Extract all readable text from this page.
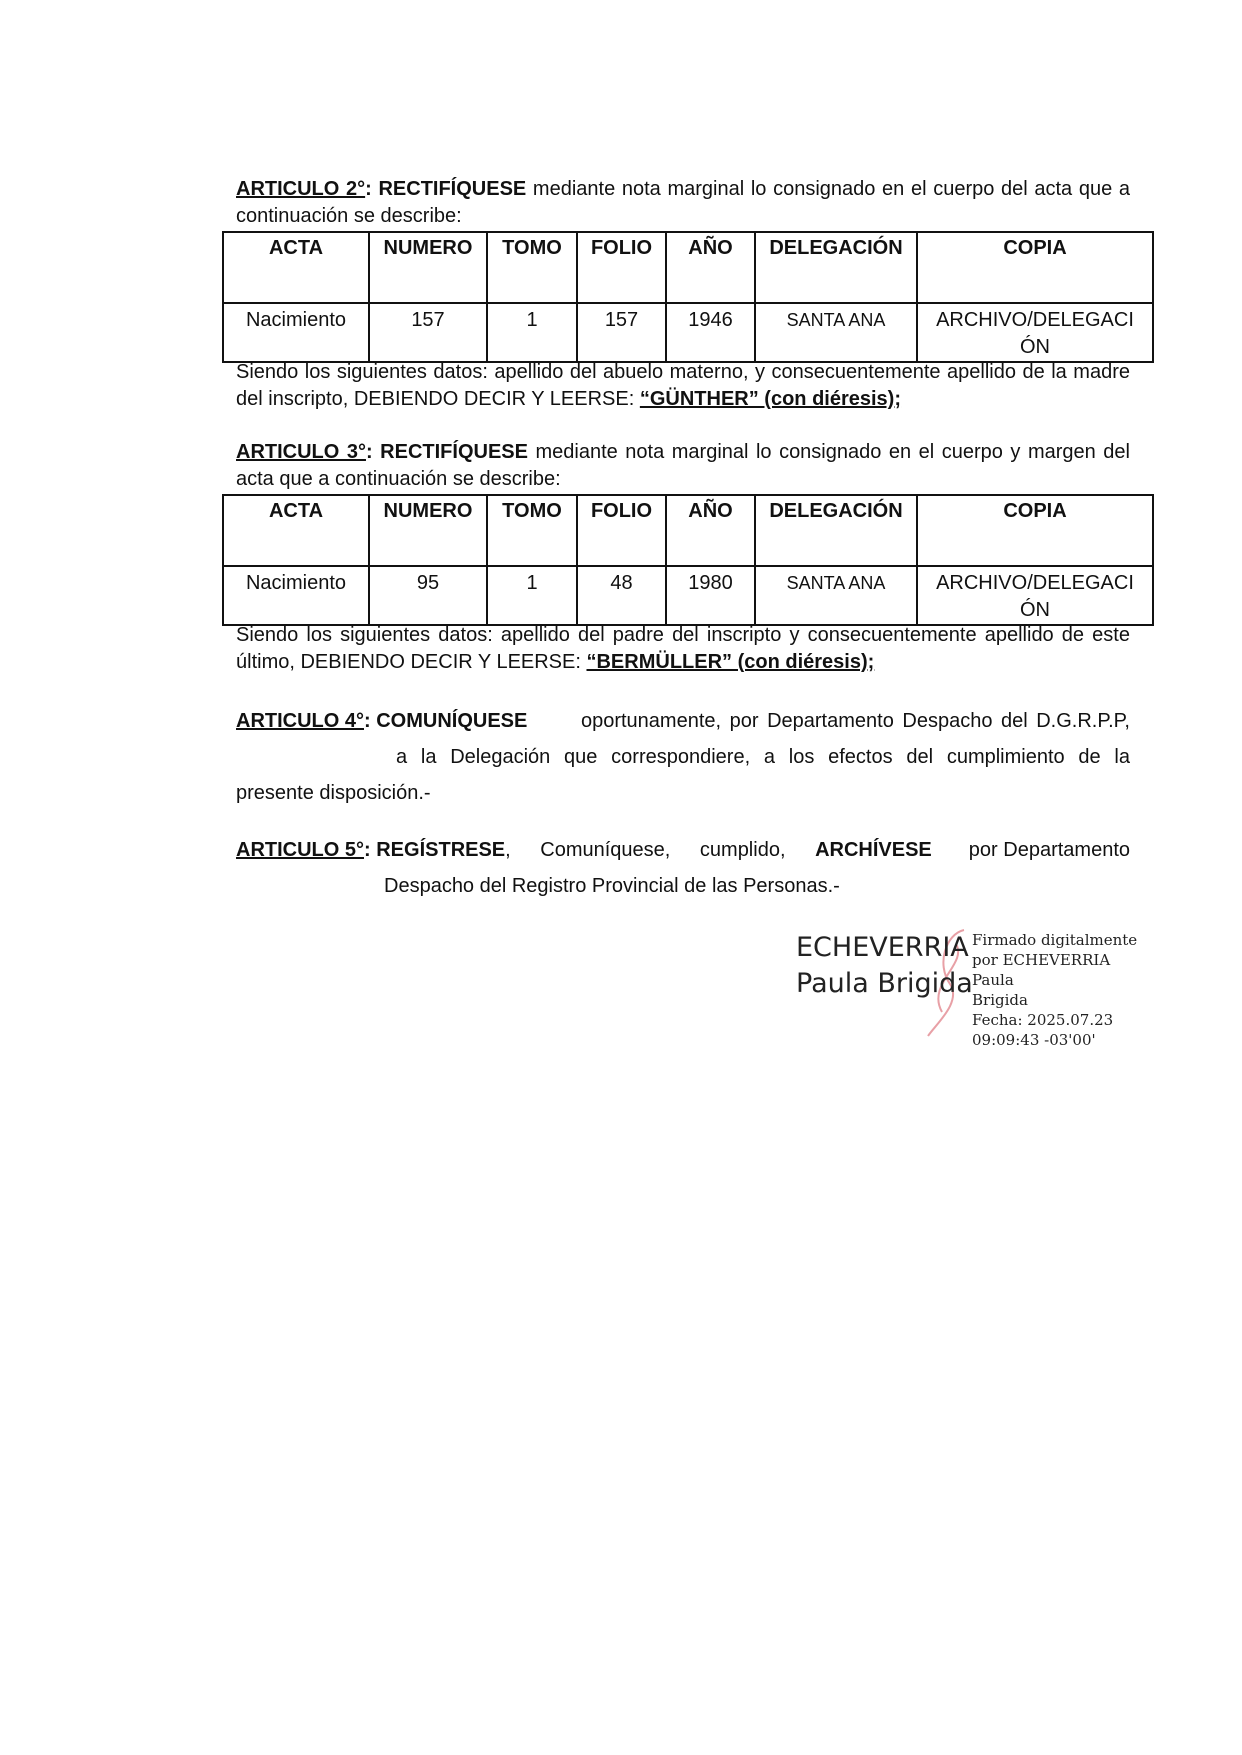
ARTICULO 2°: RECTIFÍQUESE mediante nota marginal lo consignado en el cuerpo del acta que a continuación se describe:
ACTA	NUMERO	TOMO	FOLIO	AÑO	DELEGACIÓN	COPIA
Nacimiento	157	1	157	1946	SANTA ANA	ARCHIVO/DELEGACI
ÓN
Siendo los siguientes datos: apellido del abuelo materno, y consecuentemente apellido de la madre del inscripto, DEBIENDO DECIR Y LEERSE: “GÜNTHER” (con diéresis);
ARTICULO 3°: RECTIFÍQUESE mediante nota marginal lo consignado en el cuerpo y margen del acta que a continuación se describe:
ACTA	NUMERO	TOMO	FOLIO	AÑO	DELEGACIÓN	COPIA
Nacimiento	95	1	48	1980	SANTA ANA	ARCHIVO/DELEGACI
ÓN
Siendo los siguientes datos: apellido del padre del inscripto y consecuentemente apellido de este último, DEBIENDO DECIR Y LEERSE: “BERMÜLLER” (con diéresis);
ARTICULO 4°: COMUNÍQUESE	oportunamente, por Departamento Despacho del D.G.R.P.P,
a la Delegación que correspondiere, a los efectos del cumplimiento de la
presente disposición.-
ARTICULO 5°: REGÍSTRESE, Comuníquese, cumplido, ARCHÍVESE por Departamento
Despacho del Registro Provincial de las Personas.-
ECHEVERRIA
Paula Brigida
Firmado digitalmente
por ECHEVERRIA Paula
Brigida
Fecha: 2025.07.23
09:09:43 -03'00'
